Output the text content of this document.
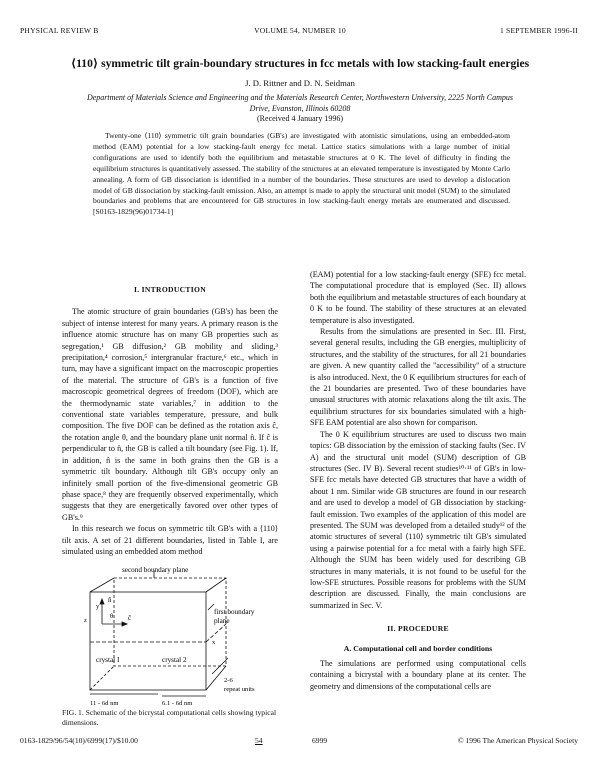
PHYSICAL REVIEW B	VOLUME 54, NUMBER 10	1 SEPTEMBER 1996-II
⟨110⟩ symmetric tilt grain-boundary structures in fcc metals with low stacking-fault energies
J. D. Rittner and D. N. Seidman
Department of Materials Science and Engineering and the Materials Research Center, Northwestern University, 2225 North Campus Drive, Evanston, Illinois 60208
(Received 4 January 1996)
Twenty-one ⟨110⟩ symmetric tilt grain boundaries (GB's) are investigated with atomistic simulations, using an embedded-atom method (EAM) potential for a low stacking-fault energy fcc metal. Lattice statics simulations with a large number of initial configurations are used to identify both the equilibrium and metastable structures at 0 K. The level of difficulty in finding the equilibrium structures is quantitatively assessed. The stability of the structures at an elevated temperature is investigated by Monte Carlo annealing. A form of GB dissociation is identified in a number of the boundaries. These structures are used to develop a dislocation model of GB dissociation by stacking-fault emission. Also, an attempt is made to apply the structural unit model (SUM) to the simulated boundaries and problems that are encountered for GB structures in low stacking-fault energy metals are enumerated and discussed. [S0163-1829(96)01734-1]
I. INTRODUCTION

The atomic structure of grain boundaries (GB's) has been the subject of intense interest for many years. A primary reason is the influence atomic structure has on many GB properties such as segregation,¹ GB diffusion,² GB mobility and sliding,³ precipitation,⁴ corrosion,⁵ intergranular fracture,⁶ etc., which in turn, may have a significant impact on the macroscopic properties of the material. The structure of GB's is a function of five macroscopic geometrical degrees of freedom (DOF), which are the thermodynamic state variables,⁷ in addition to the conventional state variables temperature, pressure, and bulk composition. The five DOF can be defined as the rotation axis ĉ, the rotation angle θ, and the boundary plane unit normal n̂. If ĉ is perpendicular to n̂, the GB is called a tilt boundary (see Fig. 1). If, in addition, n̂ is the same in both grains then the GB is a symmetric tilt boundary. Although tilt GB's occupy only an infinitely small portion of the five-dimensional geometric GB phase space,⁸ they are frequently observed experimentally, which suggests that they are energetically favored over other types of GB's.⁹

In this research we focus on symmetric tilt GB's with a ⟨110⟩ tilt axis. A set of 21 different boundaries, listed in Table I, are simulated using an embedded atom method

second boundary plane
first boundary
plane
n̂
ĉ
θ
crystal I	crystal 2
x
y
z
11 - 6d nm	6.1 - 6d nm
2-6
repeat units
FIG. 1. Schematic of the bicrystal computational cells showing typical dimensions.

(EAM) potential for a low stacking-fault energy (SFE) fcc metal. The computational procedure that is employed (Sec. II) allows both the equilibrium and metastable structures of each boundary at 0 K to be found. The stability of these structures at an elevated temperature is also investigated.

Results from the simulations are presented in Sec. III. First, several general results, including the GB energies, multiplicity of structures, and the stability of the structures, for all 21 boundaries are given. A new quantity called the ''accessibility'' of a structure is also introduced. Next, the 0 K equilibrium structures for each of the 21 boundaries are presented. Two of these boundaries have unusual structures with atomic relaxations along the tilt axis. The equilibrium structures for six boundaries simulated with a high-SFE EAM potential are also shown for comparison.

The 0 K equilibrium structures are used to discuss two main topics: GB dissociation by the emission of stacking faults (Sec. IV A) and the structural unit model (SUM) description of GB structures (Sec. IV B). Several recent studies¹⁰·¹¹ of GB's in low-SFE fcc metals have detected GB structures that have a width of about 1 nm. Similar wide GB structures are found in our research and are used to develop a model of GB dissociation by stacking-fault emission. Two examples of the application of this model are presented. The SUM was developed from a detailed study¹² of the atomic structures of several ⟨110⟩ symmetric tilt GB's simulated using a pairwise potential for a fcc metal with a fairly high SFE. Although the SUM has been widely used for describing GB structures in many materials, it is not found to be useful for the low-SFE structures. Possible reasons for problems with the SUM description are discussed. Finally, the main conclusions are summarized in Sec. V.

II. PROCEDURE
A. Computational cell and border conditions

The simulations are performed using computational cells containing a bicrystal with a boundary plane at its center. The geometry and dimensions of the computational cells are

0163-1829/96/54(10)/6999(17)/$10.00	54	6999	© 1996 The American Physical Society
